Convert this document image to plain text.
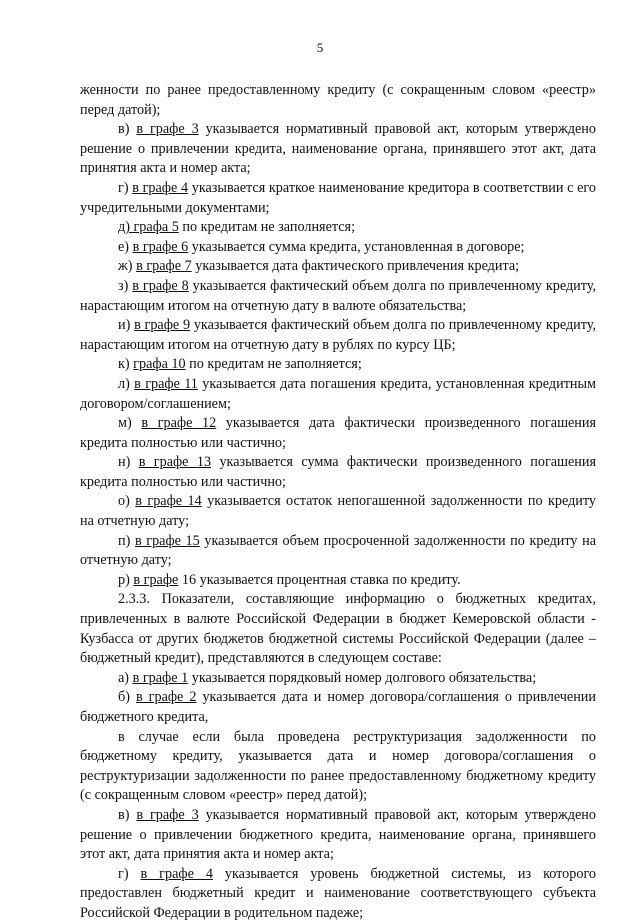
5

женности по ранее предоставленному кредиту (с сокращенным словом «реестр» перед датой);

в) в графе 3 указывается нормативный правовой акт, которым утверждено решение о привлечении кредита, наименование органа, принявшего этот акт, дата принятия акта и номер акта;

г) в графе 4 указывается краткое наименование кредитора в соответствии с его учредительными документами;

д) графа 5 по кредитам не заполняется;

е) в графе 6 указывается сумма кредита, установленная в договоре;

ж) в графе 7 указывается дата фактического привлечения кредита;

з) в графе 8 указывается фактический объем долга по привлеченному кредиту, нарастающим итогом на отчетную дату в валюте обязательства;

и) в графе 9 указывается фактический объем долга по привлеченному кредиту, нарастающим итогом на отчетную дату в рублях по курсу ЦБ;

к) графа 10 по кредитам не заполняется;

л) в графе 11 указывается дата погашения кредита, установленная кредитным договором/соглашением;

м) в графе 12 указывается дата фактически произведенного погашения кредита полностью или частично;

н) в графе 13 указывается сумма фактически произведенного погашения кредита полностью или частично;

о) в графе 14 указывается остаток непогашенной задолженности по кредиту на отчетную дату;

п) в графе 15 указывается объем просроченной задолженности по кредиту на отчетную дату;

р) в графе 16 указывается процентная ставка по кредиту.

2.3.3. Показатели, составляющие информацию о бюджетных кредитах, привлеченных в валюте Российской Федерации в бюджет Кемеровской области - Кузбасса от других бюджетов бюджетной системы Российской Федерации (далее – бюджетный кредит), представляются в следующем составе:

а) в графе 1 указывается порядковый номер долгового обязательства;

б) в графе 2 указывается дата и номер договора/соглашения о привлечении бюджетного кредита,

в случае если была проведена реструктуризация задолженности по бюджетному кредиту, указывается дата и номер договора/соглашения о реструктуризации задолженности по ранее предоставленному бюджетному кредиту (с сокращенным словом «реестр» перед датой);

в) в графе 3 указывается нормативный правовой акт, которым утверждено решение о привлечении бюджетного кредита, наименование органа, принявшего этот акт, дата принятия акта и номер акта;

г) в графе 4 указывается уровень бюджетной системы, из которого предоставлен бюджетный кредит и наименование соответствующего субъекта Российской Федерации в родительном падеже;
